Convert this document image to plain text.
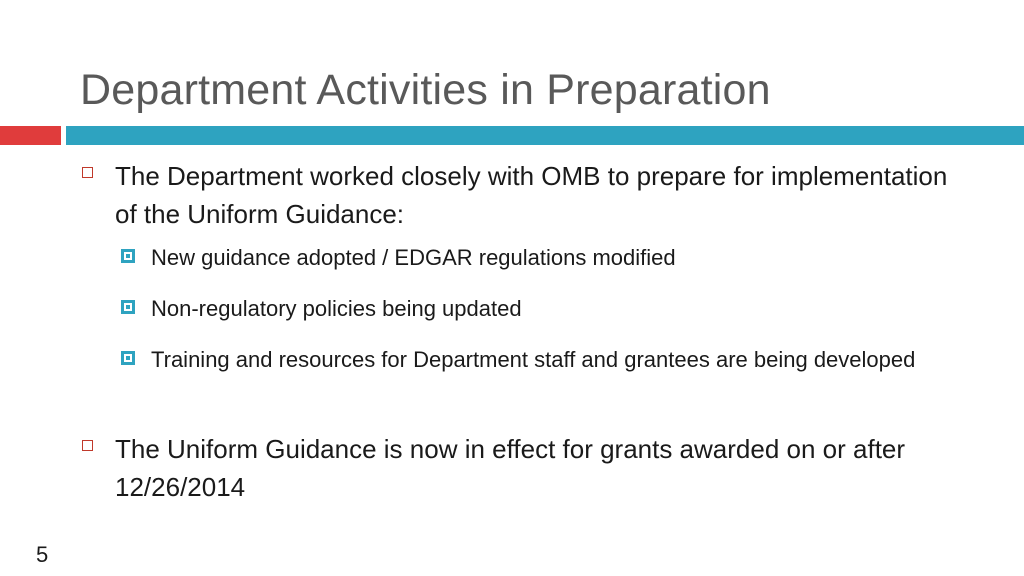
Department Activities in Preparation
The Department worked closely with OMB to prepare for implementation of the Uniform Guidance:
New guidance adopted / EDGAR regulations modified
Non-regulatory policies being updated
Training and resources for Department staff and grantees are being developed
The Uniform Guidance is now in effect for grants awarded on or after 12/26/2014
5
